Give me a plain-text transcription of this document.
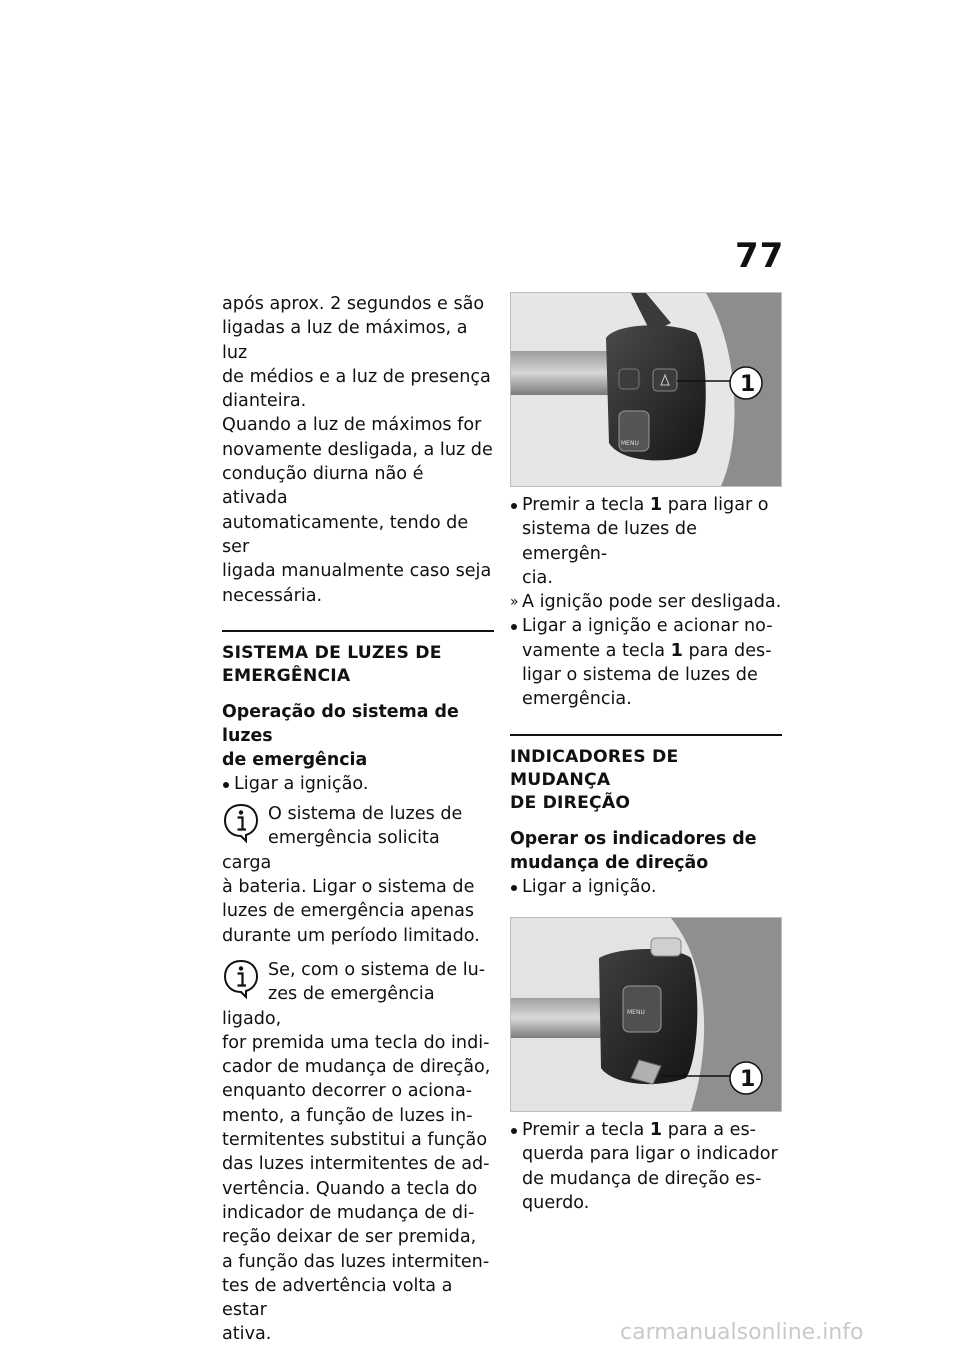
77

após aprox. 2 segundos e são
ligadas a luz de máximos, a luz
de médios e a luz de presença
dianteira.
Quando a luz de máximos for
novamente desligada, a luz de
condução diurna não é ativada
automaticamente, tendo de ser
ligada manualmente caso seja
necessária.

SISTEMA DE LUZES DE
EMERGÊNCIA
Operação do sistema de luzes
de emergência

Ligar a ignição.

O sistema de luzes de
emergência solicita carga
à bateria. Ligar o sistema de
luzes de emergência apenas
durante um período limitado.
Se, com o sistema de lu-
zes de emergência ligado,
for premida uma tecla do indi-
cador de mudança de direção,
enquanto decorrer o aciona-
mento, a função de luzes in-
termitentes substitui a função
das luzes intermitentes de ad-
vertência. Quando a tecla do
indicador de mudança de di-
reção deixar de ser premida,
a função das luzes intermiten-
tes de advertência volta a estar
ativa.
MENU
1

Premir a tecla 1 para ligar o

sistema de luzes de emergên-
cia.

» A ignição pode ser desligada.

Ligar a ignição e acionar no-

vamente a tecla 1 para des-
ligar o sistema de luzes de
emergência.

INDICADORES DE MUDANÇA
DE DIREÇÃO
Operar os indicadores de
mudança de direção

Ligar a ignição.

MENU
1

Premir a tecla 1 para a es-

querda para ligar o indicador
de mudança de direção es-
querdo.

carmanualsonline.info
